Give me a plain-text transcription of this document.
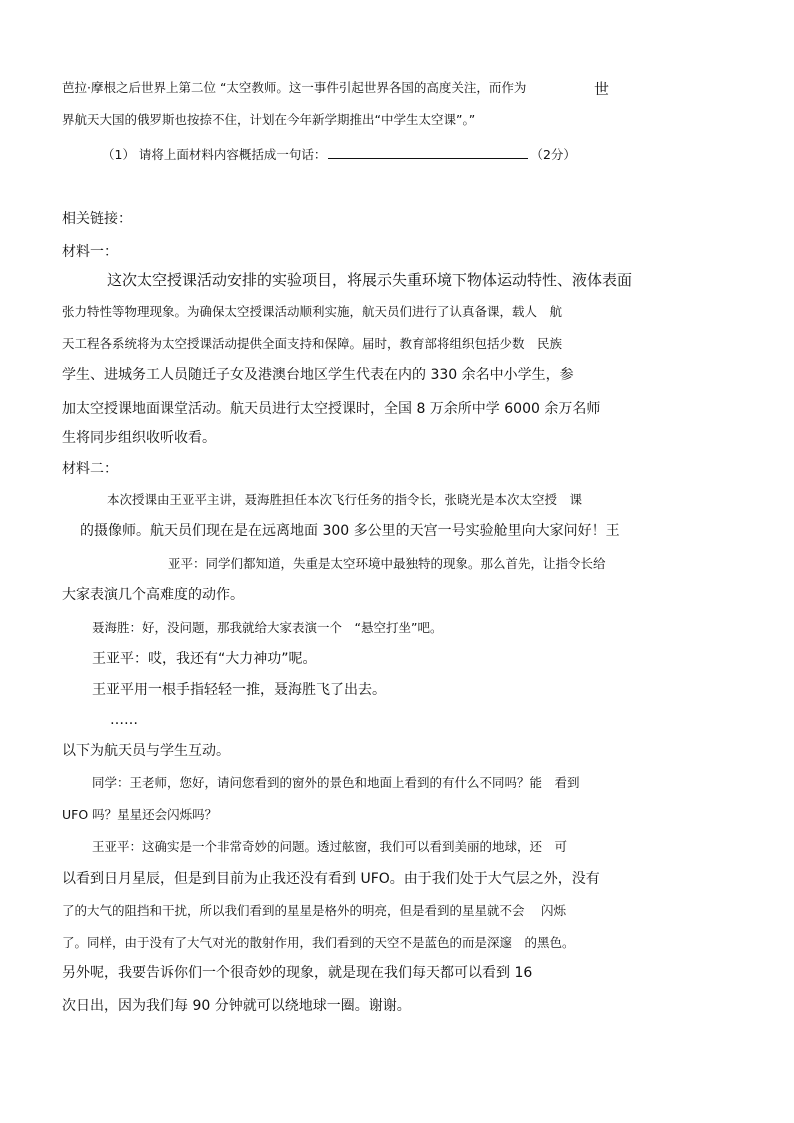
芭拉·摩根之后世界上第二位 “太空教师。这一事件引起世界各国的高度关注，而作为	世
界航天大国的俄罗斯也按捺不住，计划在今年新学期推出“中学生太空课”。”
（1） 请将上面材料内容概括成一句话：	（2分）
相关链接：
材料一：
这次太空授课活动安排的实验项目，将展示失重环境下物体运动特性、液体表面
张力特性等物理现象。为确保太空授课活动顺利实施，航天员们进行了认真备课，载人　航
天工程各系统将为太空授课活动提供全面支持和保障。届时，教育部将组织包括少数　民族
学生、进城务工人员随迁子女及港澳台地区学生代表在内的 330 余名中小学生，参
加太空授课地面课堂活动。航天员进行太空授课时，全国 8 万余所中学 6000 余万名师
生将同步组织收听收看。
材料二：
本次授课由王亚平主讲，聂海胜担任本次飞行任务的指令长，张晓光是本次太空授　课
的摄像师。航天员们现在是在远离地面 300 多公里的天宫一号实验舱里向大家问好！王
亚平：同学们都知道，失重是太空环境中最独特的现象。那么首先，让指令长给
大家表演几个高难度的动作。
聂海胜：好，没问题，那我就给大家表演一个　“悬空打坐”吧。
王亚平：哎，我还有“大力神功”呢。
王亚平用一根手指轻轻一推，聂海胜飞了出去。
……
以下为航天员与学生互动。
同学：王老师，您好，请问您看到的窗外的景色和地面上看到的有什么不同吗？能　看到
UFO 吗？星星还会闪烁吗？
王亚平：这确实是一个非常奇妙的问题。透过舷窗，我们可以看到美丽的地球，还　可
以看到日月星辰，但是到目前为止我还没有看到 UFO。由于我们处于大气层之外，没有
了的大气的阻挡和干扰，所以我们看到的星星是格外的明亮，但是看到的星星就不会　 闪烁
了。同样，由于没有了大气对光的散射作用，我们看到的天空不是蓝色的而是深邃　的黑色。
另外呢，我要告诉你们一个很奇妙的现象，就是现在我们每天都可以看到 16
次日出，因为我们每 90 分钟就可以绕地球一圈。谢谢。
